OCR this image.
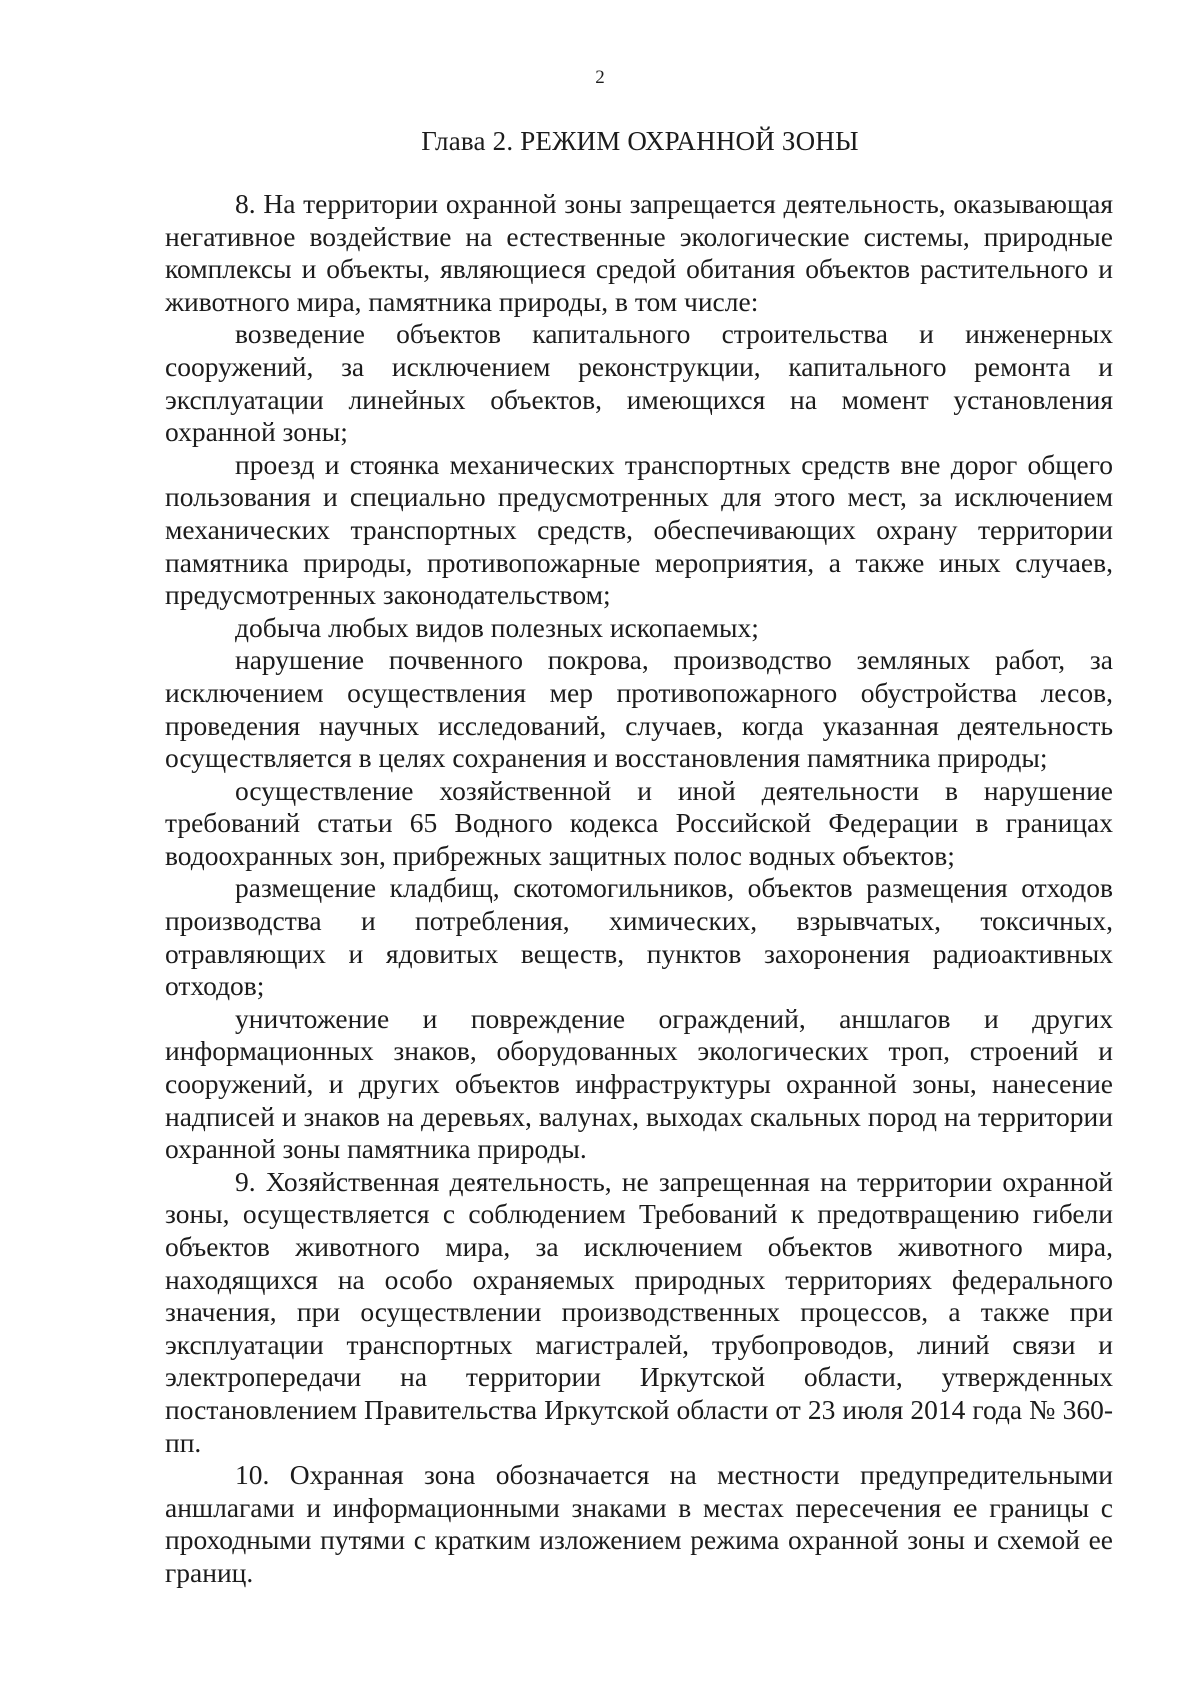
2
Глава 2. РЕЖИМ ОХРАННОЙ ЗОНЫ

8. На территории охранной зоны запрещается деятельность, оказывающая негативное воздействие на естественные экологические системы, природные комплексы и объекты, являющиеся средой обитания объектов растительного и животного мира, памятника природы, в том числе:

возведение объектов капитального строительства и инженерных сооружений, за исключением реконструкции, капитального ремонта и эксплуатации линейных объектов, имеющихся на момент установления охранной зоны;

проезд и стоянка механических транспортных средств вне дорог общего пользования и специально предусмотренных для этого мест, за исключением механических транспортных средств, обеспечивающих охрану территории памятника природы, противопожарные мероприятия, а также иных случаев, предусмотренных законодательством;

добыча любых видов полезных ископаемых;

нарушение почвенного покрова, производство земляных работ, за исключением осуществления мер противопожарного обустройства лесов, проведения научных исследований, случаев, когда указанная деятельность осуществляется в целях сохранения и восстановления памятника природы;

осуществление хозяйственной и иной деятельности в нарушение требований статьи 65 Водного кодекса Российской Федерации в границах водоохранных зон, прибрежных защитных полос водных объектов;

размещение кладбищ, скотомогильников, объектов размещения отходов производства и потребления, химических, взрывчатых, токсичных, отравляющих и ядовитых веществ, пунктов захоронения радиоактивных отходов;

уничтожение и повреждение ограждений, аншлагов и других информационных знаков, оборудованных экологических троп, строений и сооружений, и других объектов инфраструктуры охранной зоны, нанесение надписей и знаков на деревьях, валунах, выходах скальных пород на территории охранной зоны памятника природы.

9. Хозяйственная деятельность, не запрещенная на территории охранной зоны, осуществляется с соблюдением Требований к предотвращению гибели объектов животного мира, за исключением объектов животного мира, находящихся на особо охраняемых природных территориях федерального значения, при осуществлении производственных процессов, а также при эксплуатации транспортных магистралей, трубопроводов, линий связи и электропередачи на территории Иркутской области, утвержденных постановлением Правительства Иркутской области от 23 июля 2014 года № 360-пп.

10. Охранная зона обозначается на местности предупредительными аншлагами и информационными знаками в местах пересечения ее границы с проходными путями с кратким изложением режима охранной зоны и схемой ее границ.
